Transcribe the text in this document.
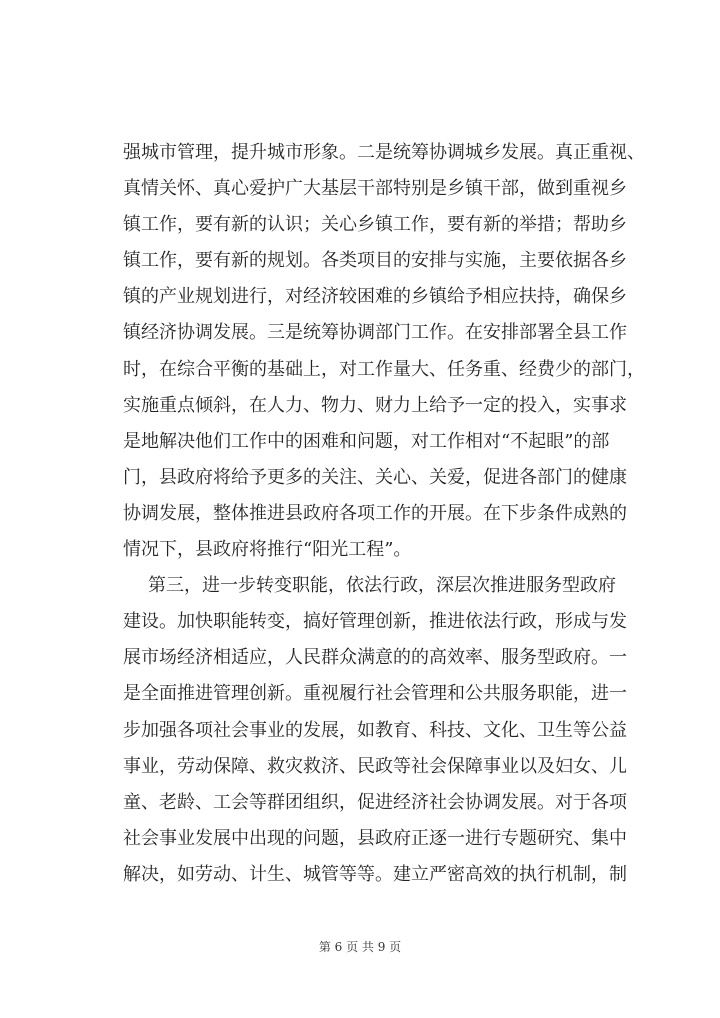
强城市管理，提升城市形象。二是统筹协调城乡发展。真正重视、
真情关怀、真心爱护广大基层干部特别是乡镇干部，做到重视乡
镇工作，要有新的认识；关心乡镇工作，要有新的举措；帮助乡
镇工作，要有新的规划。各类项目的安排与实施，主要依据各乡
镇的产业规划进行，对经济较困难的乡镇给予相应扶持，确保乡
镇经济协调发展。三是统筹协调部门工作。在安排部署全县工作
时，在综合平衡的基础上，对工作量大、任务重、经费少的部门，
实施重点倾斜，在人力、物力、财力上给予一定的投入，实事求
是地解决他们工作中的困难和问题，对工作相对“不起眼”的部
门，县政府将给予更多的关注、关心、关爱，促进各部门的健康
协调发展，整体推进县政府各项工作的开展。在下步条件成熟的
情况下，县政府将推行“阳光工程”。
第三，进一步转变职能，依法行政，深层次推进服务型政府
建设。加快职能转变，搞好管理创新，推进依法行政，形成与发
展市场经济相适应，人民群众满意的的高效率、服务型政府。一
是全面推进管理创新。重视履行社会管理和公共服务职能，进一
步加强各项社会事业的发展，如教育、科技、文化、卫生等公益
事业，劳动保障、救灾救济、民政等社会保障事业以及妇女、儿
童、老龄、工会等群团组织，促进经济社会协调发展。对于各项
社会事业发展中出现的问题，县政府正逐一进行专题研究、集中
解决，如劳动、计生、城管等等。建立严密高效的执行机制，制
第 6 页 共 9 页
